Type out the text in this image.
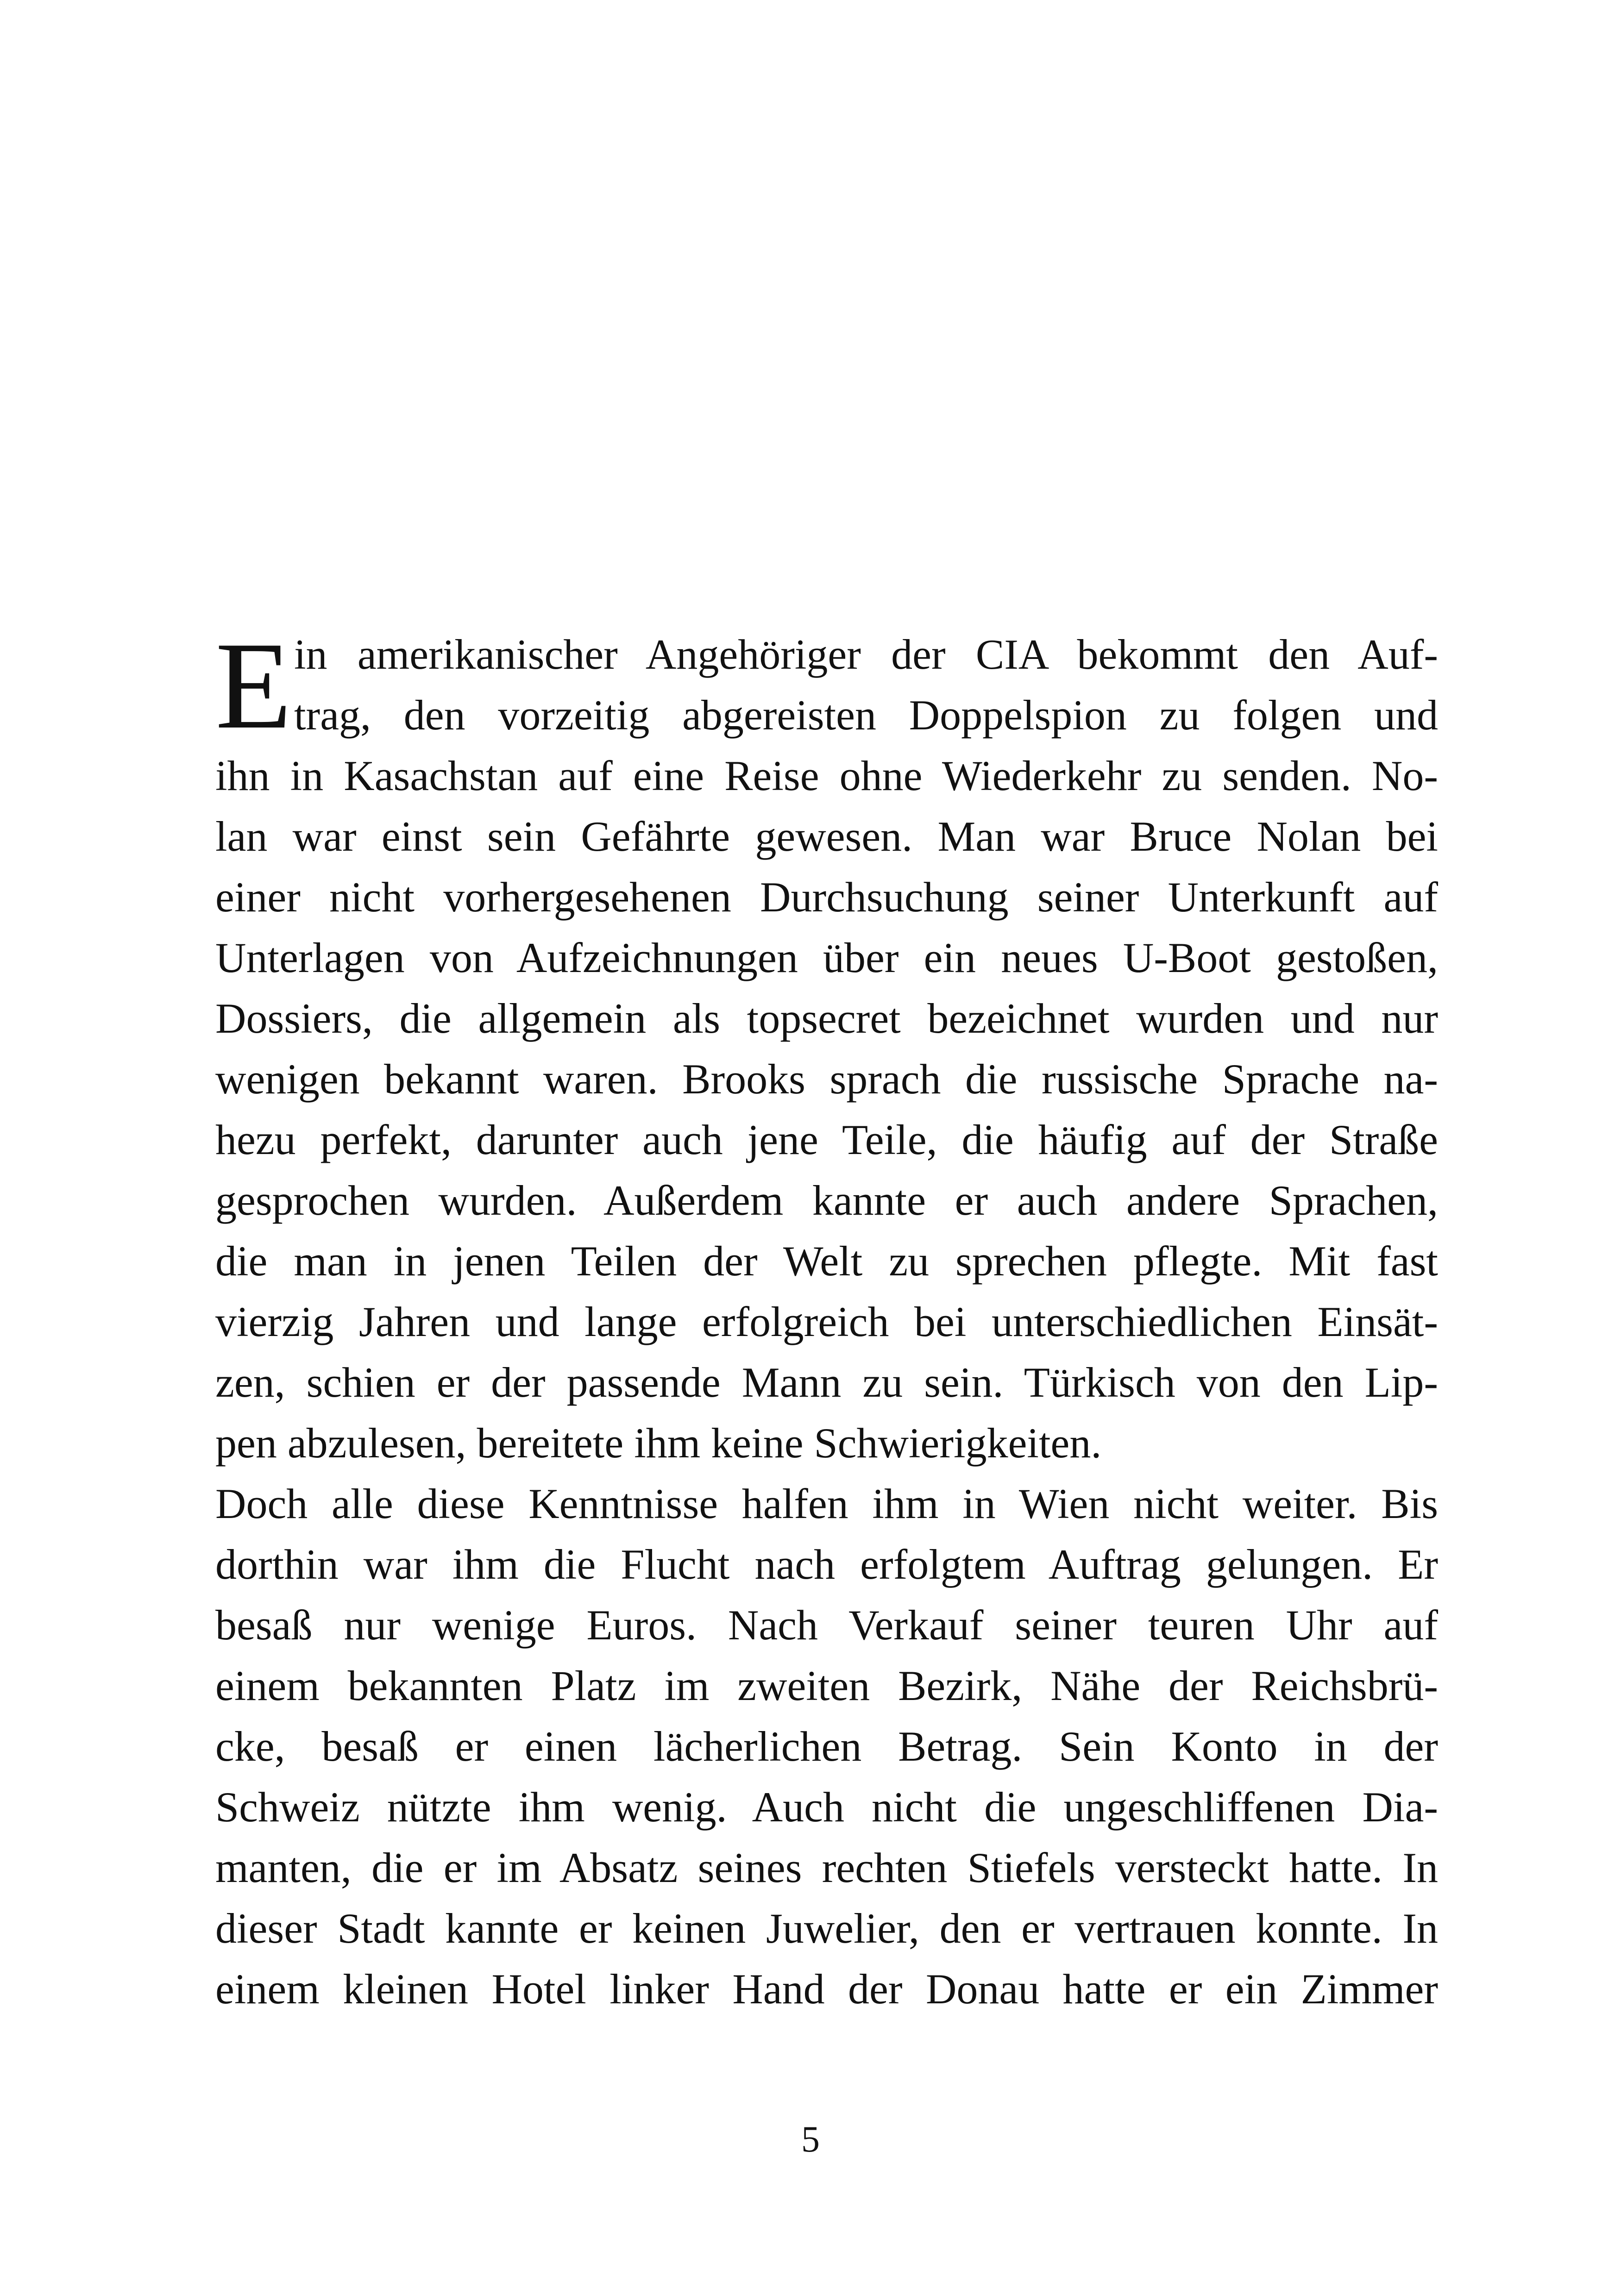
E in amerikanischer Angehöriger der CIA bekommt den Auf-
trag, den vorzeitig abgereisten Doppelspion zu folgen und
ihn in Kasachstan auf eine Reise ohne Wiederkehr zu senden. No-
lan war einst sein Gefährte gewesen. Man war Bruce Nolan bei
einer nicht vorhergesehenen Durchsuchung seiner Unterkunft auf
Unterlagen von Aufzeichnungen über ein neues U-Boot gestoßen,
Dossiers, die allgemein als topsecret bezeichnet wurden und nur
wenigen bekannt waren. Brooks sprach die russische Sprache na-
hezu perfekt, darunter auch jene Teile, die häufig auf der Straße
gesprochen wurden. Außerdem kannte er auch andere Sprachen,
die man in jenen Teilen der Welt zu sprechen pflegte. Mit fast
vierzig Jahren und lange erfolgreich bei unterschiedlichen Einsät-
zen, schien er der passende Mann zu sein. Türkisch von den Lip-
pen abzulesen, bereitete ihm keine Schwierigkeiten.
Doch alle diese Kenntnisse halfen ihm in Wien nicht weiter. Bis
dorthin war ihm die Flucht nach erfolgtem Auftrag gelungen. Er
besaß nur wenige Euros. Nach Verkauf seiner teuren Uhr auf
einem bekannten Platz im zweiten Bezirk, Nähe der Reichsbrü-
cke, besaß er einen lächerlichen Betrag. Sein Konto in der
Schweiz nützte ihm wenig. Auch nicht die ungeschliffenen Dia-
manten, die er im Absatz seines rechten Stiefels versteckt hatte. In
dieser Stadt kannte er keinen Juwelier, den er vertrauen konnte. In
einem kleinen Hotel linker Hand der Donau hatte er ein Zimmer
5
